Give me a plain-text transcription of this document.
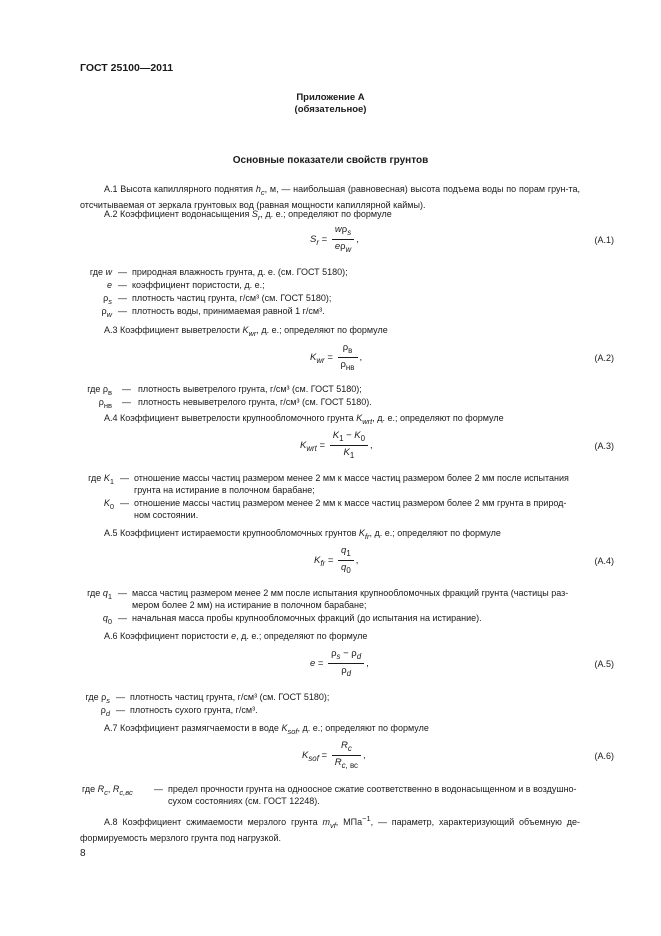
ГОСТ 25100—2011
Приложение А
(обязательное)
Основные показатели свойств грунтов
А.1 Высота капиллярного поднятия $h_c$, м, — наибольшая (равновесная) высота подъема воды по порам грун-та, отсчитываемая от зеркала грунтовых вод (равная мощности капиллярной каймы).
А.2 Коэффициент водонасыщения $S_r$, д. е.; определяют по формуле
$S_r = \frac{w\rho_s}{e\rho_w}$ ,	(A.1)
где w — природная влажность грунта, д. е. (см. ГОСТ 5180);
e — коэффициент пористости, д. е.;
$\rho_s$ — плотность частиц грунта, г/см³ (см. ГОСТ 5180);
$\rho_w$ — плотность воды, принимаемая равной 1 г/см³.
А.3 Коэффициент выветрелости $K_{wr}$, д. е.; определяют по формуле
$K_{wr} = \frac{\rho_в}{\rho_{нв}}$ ,	(A.2)
где $\rho_в$ — плотность выветрелого грунта, г/см³ (см. ГОСТ 5180);
$\rho_{нв}$ — плотность невыветрелого грунта, г/см³ (см. ГОСТ 5180).
А.4 Коэффициент выветрелости крупнообломочного грунта $K_{wrt}$, д. е.; определяют по формуле
$K_{wrt} = \frac{K_1 - K_0}{K_1}$ ,	(A.3)
где $K_1$ — отношение массы частиц размером менее 2 мм к массе частиц размером более 2 мм после испытания грунта на истирание в полочном барабане;
$K_0$ — отношение массы частиц размером менее 2 мм к массе частиц размером более 2 мм грунта в природ-ном состоянии.
А.5 Коэффициент истираемости крупнообломочных грунтов $K_{fr}$, д. е.; определяют по формуле
$K_{fr} = \frac{q_1}{q_0}$ ,	(A.4)
где $q_1$ — масса частиц размером менее 2 мм после испытания крупнообломочных фракций грунта (частицы раз-мером более 2 мм) на истирание в полочном барабане;
$q_0$ — начальная масса пробы крупнообломочных фракций (до испытания на истирание).
А.6 Коэффициент пористости e, д. е.; определяют по формуле
$e = \frac{\rho_s - \rho_d}{\rho_d}$ ,	(A.5)
где $\rho_s$ — плотность частиц грунта, г/см³ (см. ГОСТ 5180);
$\rho_d$ — плотность сухого грунта, г/см³.
А.7 Коэффициент размягчаемости в воде $K_{sof}$, д. е.; определяют по формуле
$K_{sof} = \frac{R_c}{R_{c, вс}}$ ,	(A.6)
где $R_c$, $R_{c,вс}$ — предел прочности грунта на одноосное сжатие соответственно в водонасыщенном и в воздушно-сухом состояниях (см. ГОСТ 12248).
А.8 Коэффициент сжимаемости мерзлого грунта $m_{vf}$, МПа$^{-1}$, — параметр, характеризующий объемную де-формируемость мерзлого грунта под нагрузкой.
8
